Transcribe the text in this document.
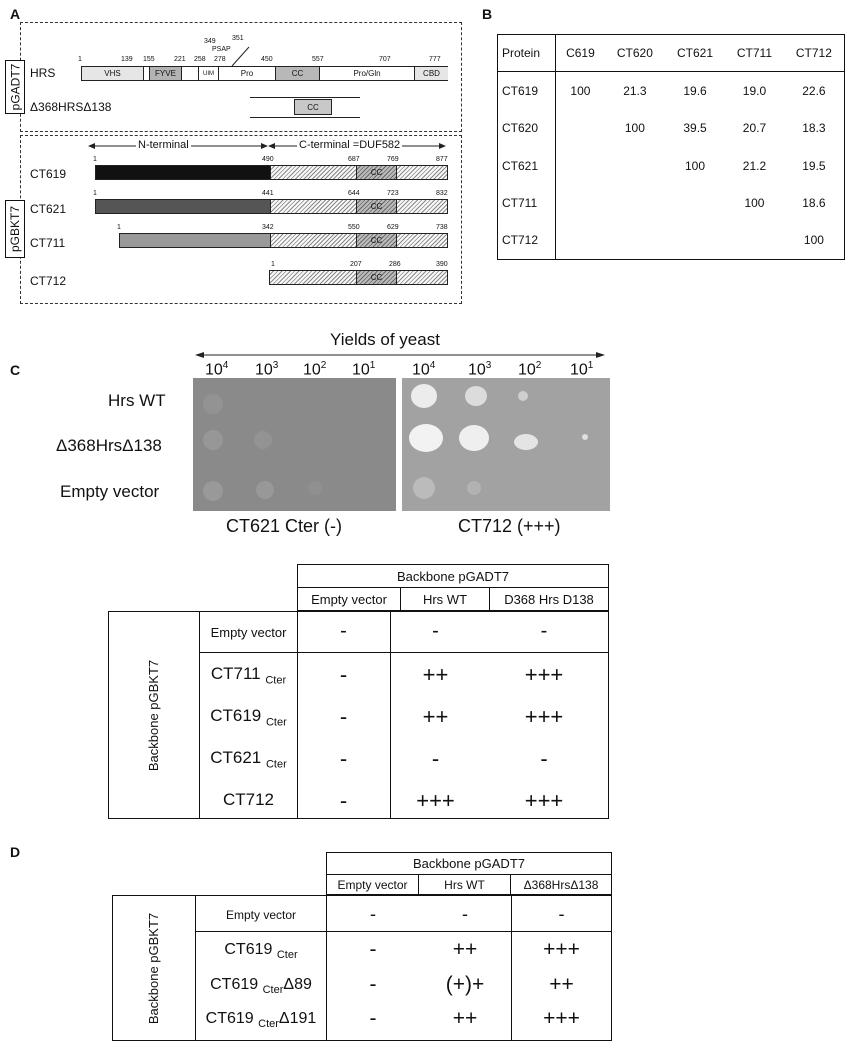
A
pGADT7 HRS
1	139 155	221 258 278
349 351
PSAP
450	557	707	777
VHS	FYVE	UIM	Pro	CC	Pro/Gln	CBD
Δ368HRSΔ138	CC
pGBKT7
N-terminal	C-terminal =DUF582
CT619
1	490	687	769	877
CC
CT621
1	441	644	723	832
CC
CT711
1	342	550	629	738
CC
CT712
1	207	286	390
CC
B
Protein	C619	CT620	CT621	CT711	CT712
CT619	100	21.3	19.6	19.0	22.6
CT620		100	39.5	20.7	18.3
CT621			100	21.2	19.5
CT711				100	18.6
CT712					100
C
Yields of yeast
$10^4$ $10^3$ $10^2$ $10^1$ $10^4$ $10^3$ $10^2$ $10^1$
Hrs WT
Δ368HrsΔ138
Empty vector
CT621 Cter (-)	CT712 (+++)
Backbone pGADT7
Empty vector	Hrs WT	D368 Hrs D138
Backbone pGBKT7
Empty vector	-	-	-
CT711 $_{Cter}$	-	++	+++
CT619 $_{Cter}$	-	++	+++
CT621 $_{Cter}$	-	-	-
CT712	-	+++	+++
D
Backbone pGADT7
Empty vector	Hrs WT	Δ368HrsΔ138
Backbone pGBKT7	Empty vector	-	-	-
CT619 $_{Cter}$	-	++	+++
CT619 $_{Cter}$Δ89	-	(+)+	++
CT619 $_{Cter}$Δ191	-	++	+++
